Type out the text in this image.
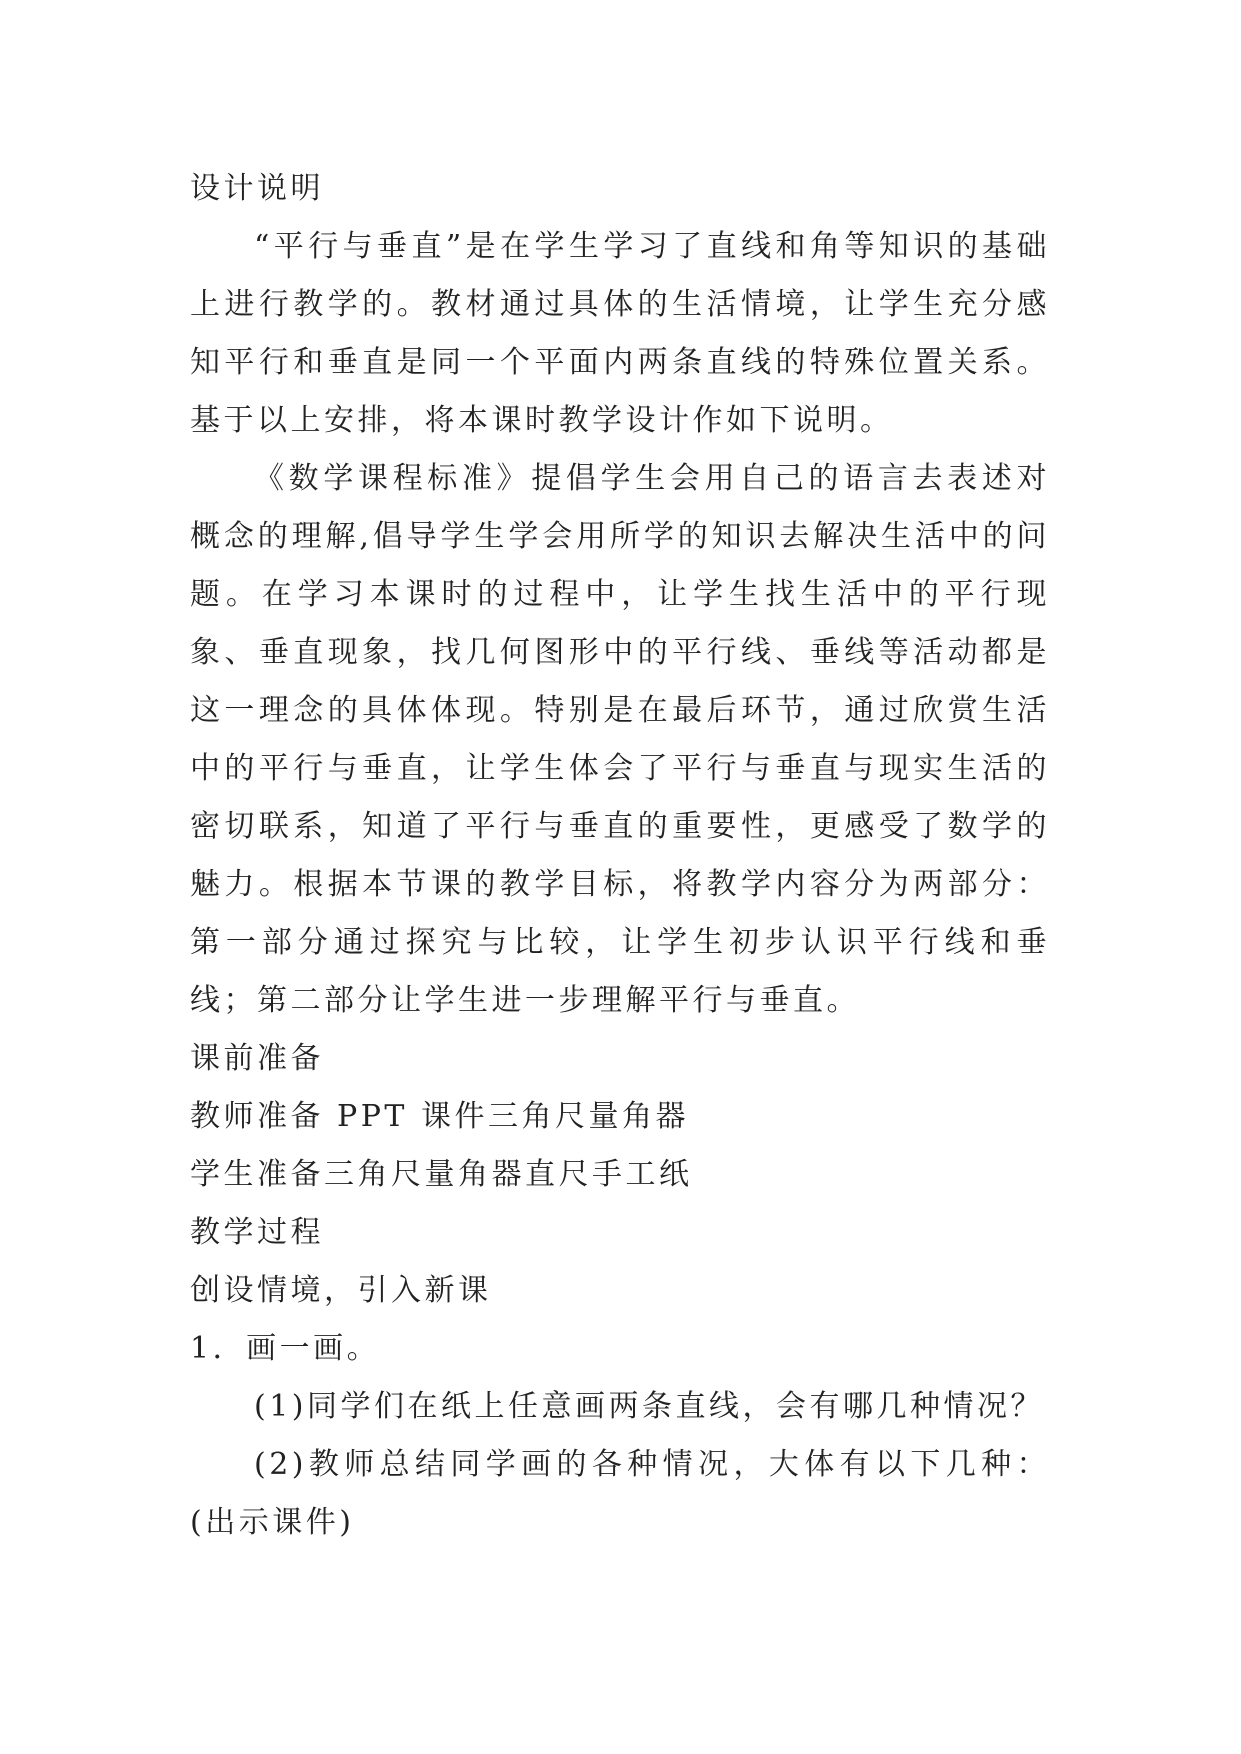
设计说明

“平行与垂直”是在学生学习了直线和角等知识的基础上进行教学的。教材通过具体的生活情境，让学生充分感知平行和垂直是同一个平面内两条直线的特殊位置关系。基于以上安排，将本课时教学设计作如下说明。

《数学课程标准》提倡学生会用自己的语言去表述对概念的理解,倡导学生学会用所学的知识去解决生活中的问题。在学习本课时的过程中，让学生找生活中的平行现象、垂直现象，找几何图形中的平行线、垂线等活动都是这一理念的具体体现。特别是在最后环节，通过欣赏生活中的平行与垂直，让学生体会了平行与垂直与现实生活的密切联系，知道了平行与垂直的重要性，更感受了数学的魅力。根据本节课的教学目标，将教学内容分为两部分：第一部分通过探究与比较，让学生初步认识平行线和垂线；第二部分让学生进一步理解平行与垂直。

课前准备

教师准备 PPT 课件三角尺量角器

学生准备三角尺量角器直尺手工纸

教学过程

创设情境，引入新课

1．画一画。

(1)同学们在纸上任意画两条直线，会有哪几种情况？

(2)教师总结同学画的各种情况，大体有以下几种：(出示课件)
